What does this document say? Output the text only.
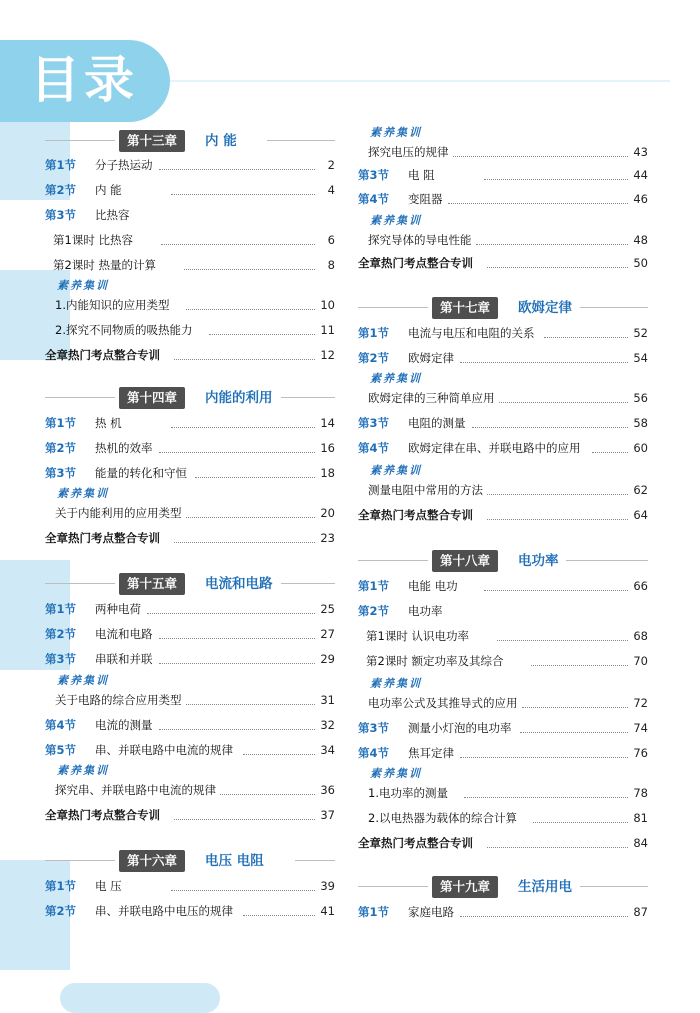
目录
第十三章	内 能
第1节 分子热运动	2
第2节 内 能	4
第3节 比热容
第1课时 比热容	6
第2课时 热量的计算	8
素养集训
1.内能知识的应用类型	10
2.探究不同物质的吸热能力	11
全章热门考点整合专训	12
第十四章	内能的利用
第1节 热 机	14
第2节 热机的效率	16
第3节 能量的转化和守恒	18
素养集训
关于内能利用的应用类型	20
全章热门考点整合专训	23
第十五章	电流和电路
第1节 两种电荷	25
第2节 电流和电路	27
第3节 串联和并联	29
素养集训
关于电路的综合应用类型	31
第4节 电流的测量	32
第5节 串、并联电路中电流的规律	34
素养集训
探究串、并联电路中电流的规律	36
全章热门考点整合专训	37
第十六章	电压 电阻
第1节 电 压	39
第2节 串、并联电路中电压的规律	41
素养集训
探究电压的规律	43
第3节 电 阻	44
第4节 变阻器	46
素养集训
探究导体的导电性能	48
全章热门考点整合专训	50
第十七章	欧姆定律
第1节 电流与电压和电阻的关系	52
第2节 欧姆定律	54
素养集训
欧姆定律的三种简单应用	56
第3节 电阻的测量	58
第4节 欧姆定律在串、并联电路中的应用	60
素养集训
测量电阻中常用的方法	62
全章热门考点整合专训	64
第十八章	电功率
第1节 电能 电功	66
第2节 电功率
第1课时 认识电功率	68
第2课时 额定功率及其综合	70
素养集训
电功率公式及其推导式的应用	72
第3节 测量小灯泡的电功率	74
第4节 焦耳定律	76
素养集训
1.电功率的测量	78
2.以电热器为载体的综合计算	81
全章热门考点整合专训	84
第十九章	生活用电
第1节 家庭电路	87
